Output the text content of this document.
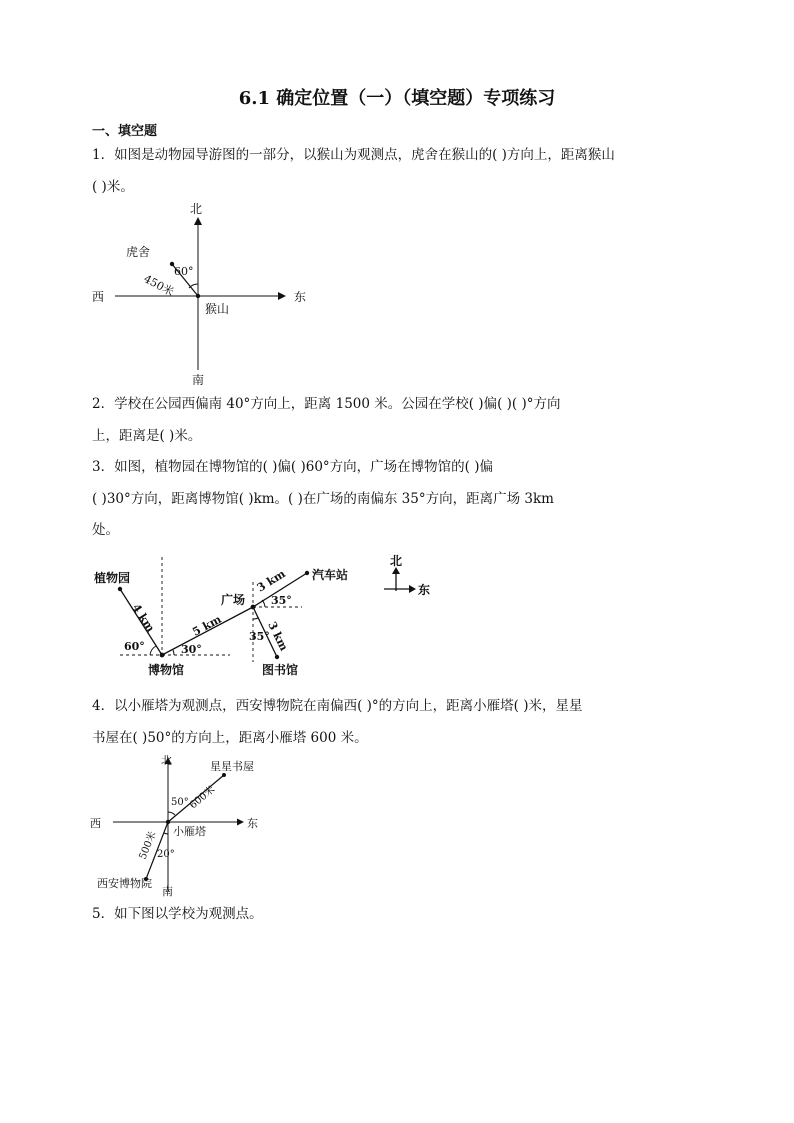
6.1 确定位置（一）（填空题）专项练习
一、填空题
1．如图是动物园导游图的一部分，以猴山为观测点，虎舍在猴山的( )方向上，距离猴山
( )米。
北
南
东
西
猴山
虎舍
60°
450米
2．学校在公园西偏南 40°方向上，距离 1500 米。公园在学校( )偏( )( )°方向
上，距离是( )米。
3．如图，植物园在博物馆的( )偏( )60°方向，广场在博物馆的( )偏
( )30°方向，距离博物馆( )km。( )在广场的南偏东 35°方向，距离广场 3km
处。
植物园
博物馆
广场
汽车站
图书馆
4 km	5 km
3 km
3 km
60°	30°
35°
35°
北
东
4．以小雁塔为观测点，西安博物院在南偏西( )°的方向上，距离小雁塔( )米，星星
书屋在( )50°的方向上，距离小雁塔 600 米。
北
南
东
西
小雁塔
星星书屋
西安博物院
50°
20°
600米
500米
5．如下图以学校为观测点。
